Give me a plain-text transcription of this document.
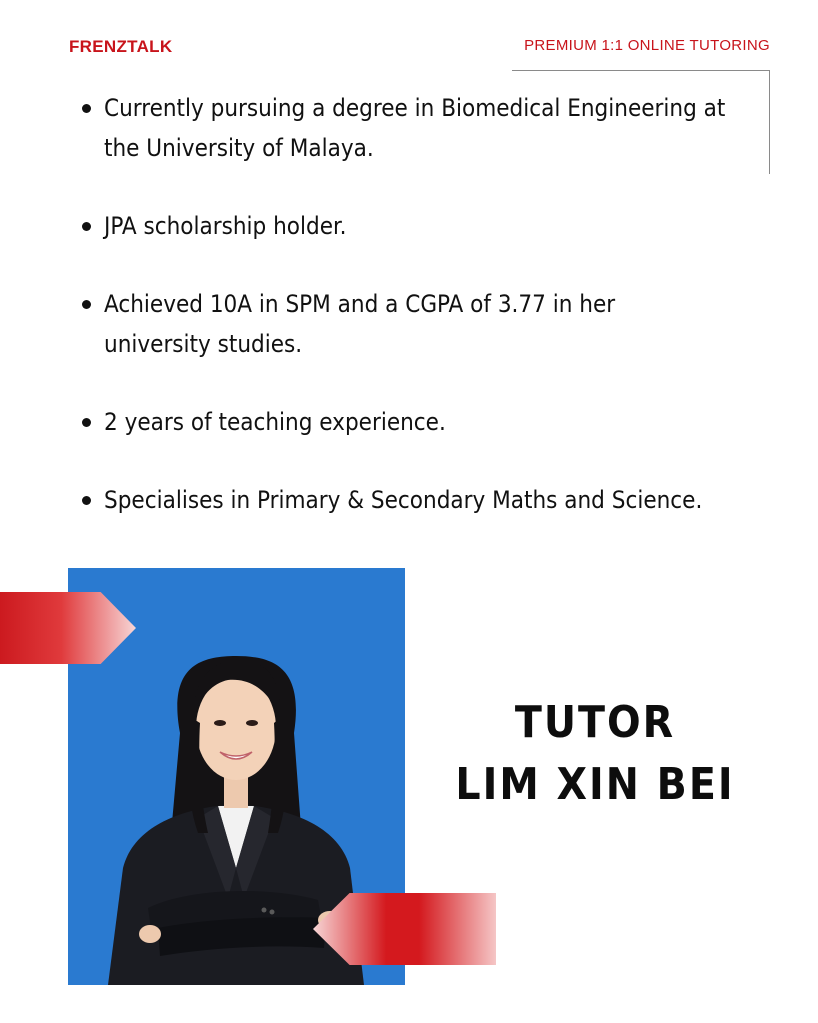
FRENZTALK	PREMIUM 1:1 ONLINE TUTORING
Currently pursuing a degree in Biomedical Engineering at the University of Malaya.
JPA scholarship holder.
Achieved 10A in SPM and a CGPA of 3.77 in her university studies.
2 years of teaching experience.
Specialises in Primary & Secondary Maths and Science.
TUTOR
LIM XIN BEI
